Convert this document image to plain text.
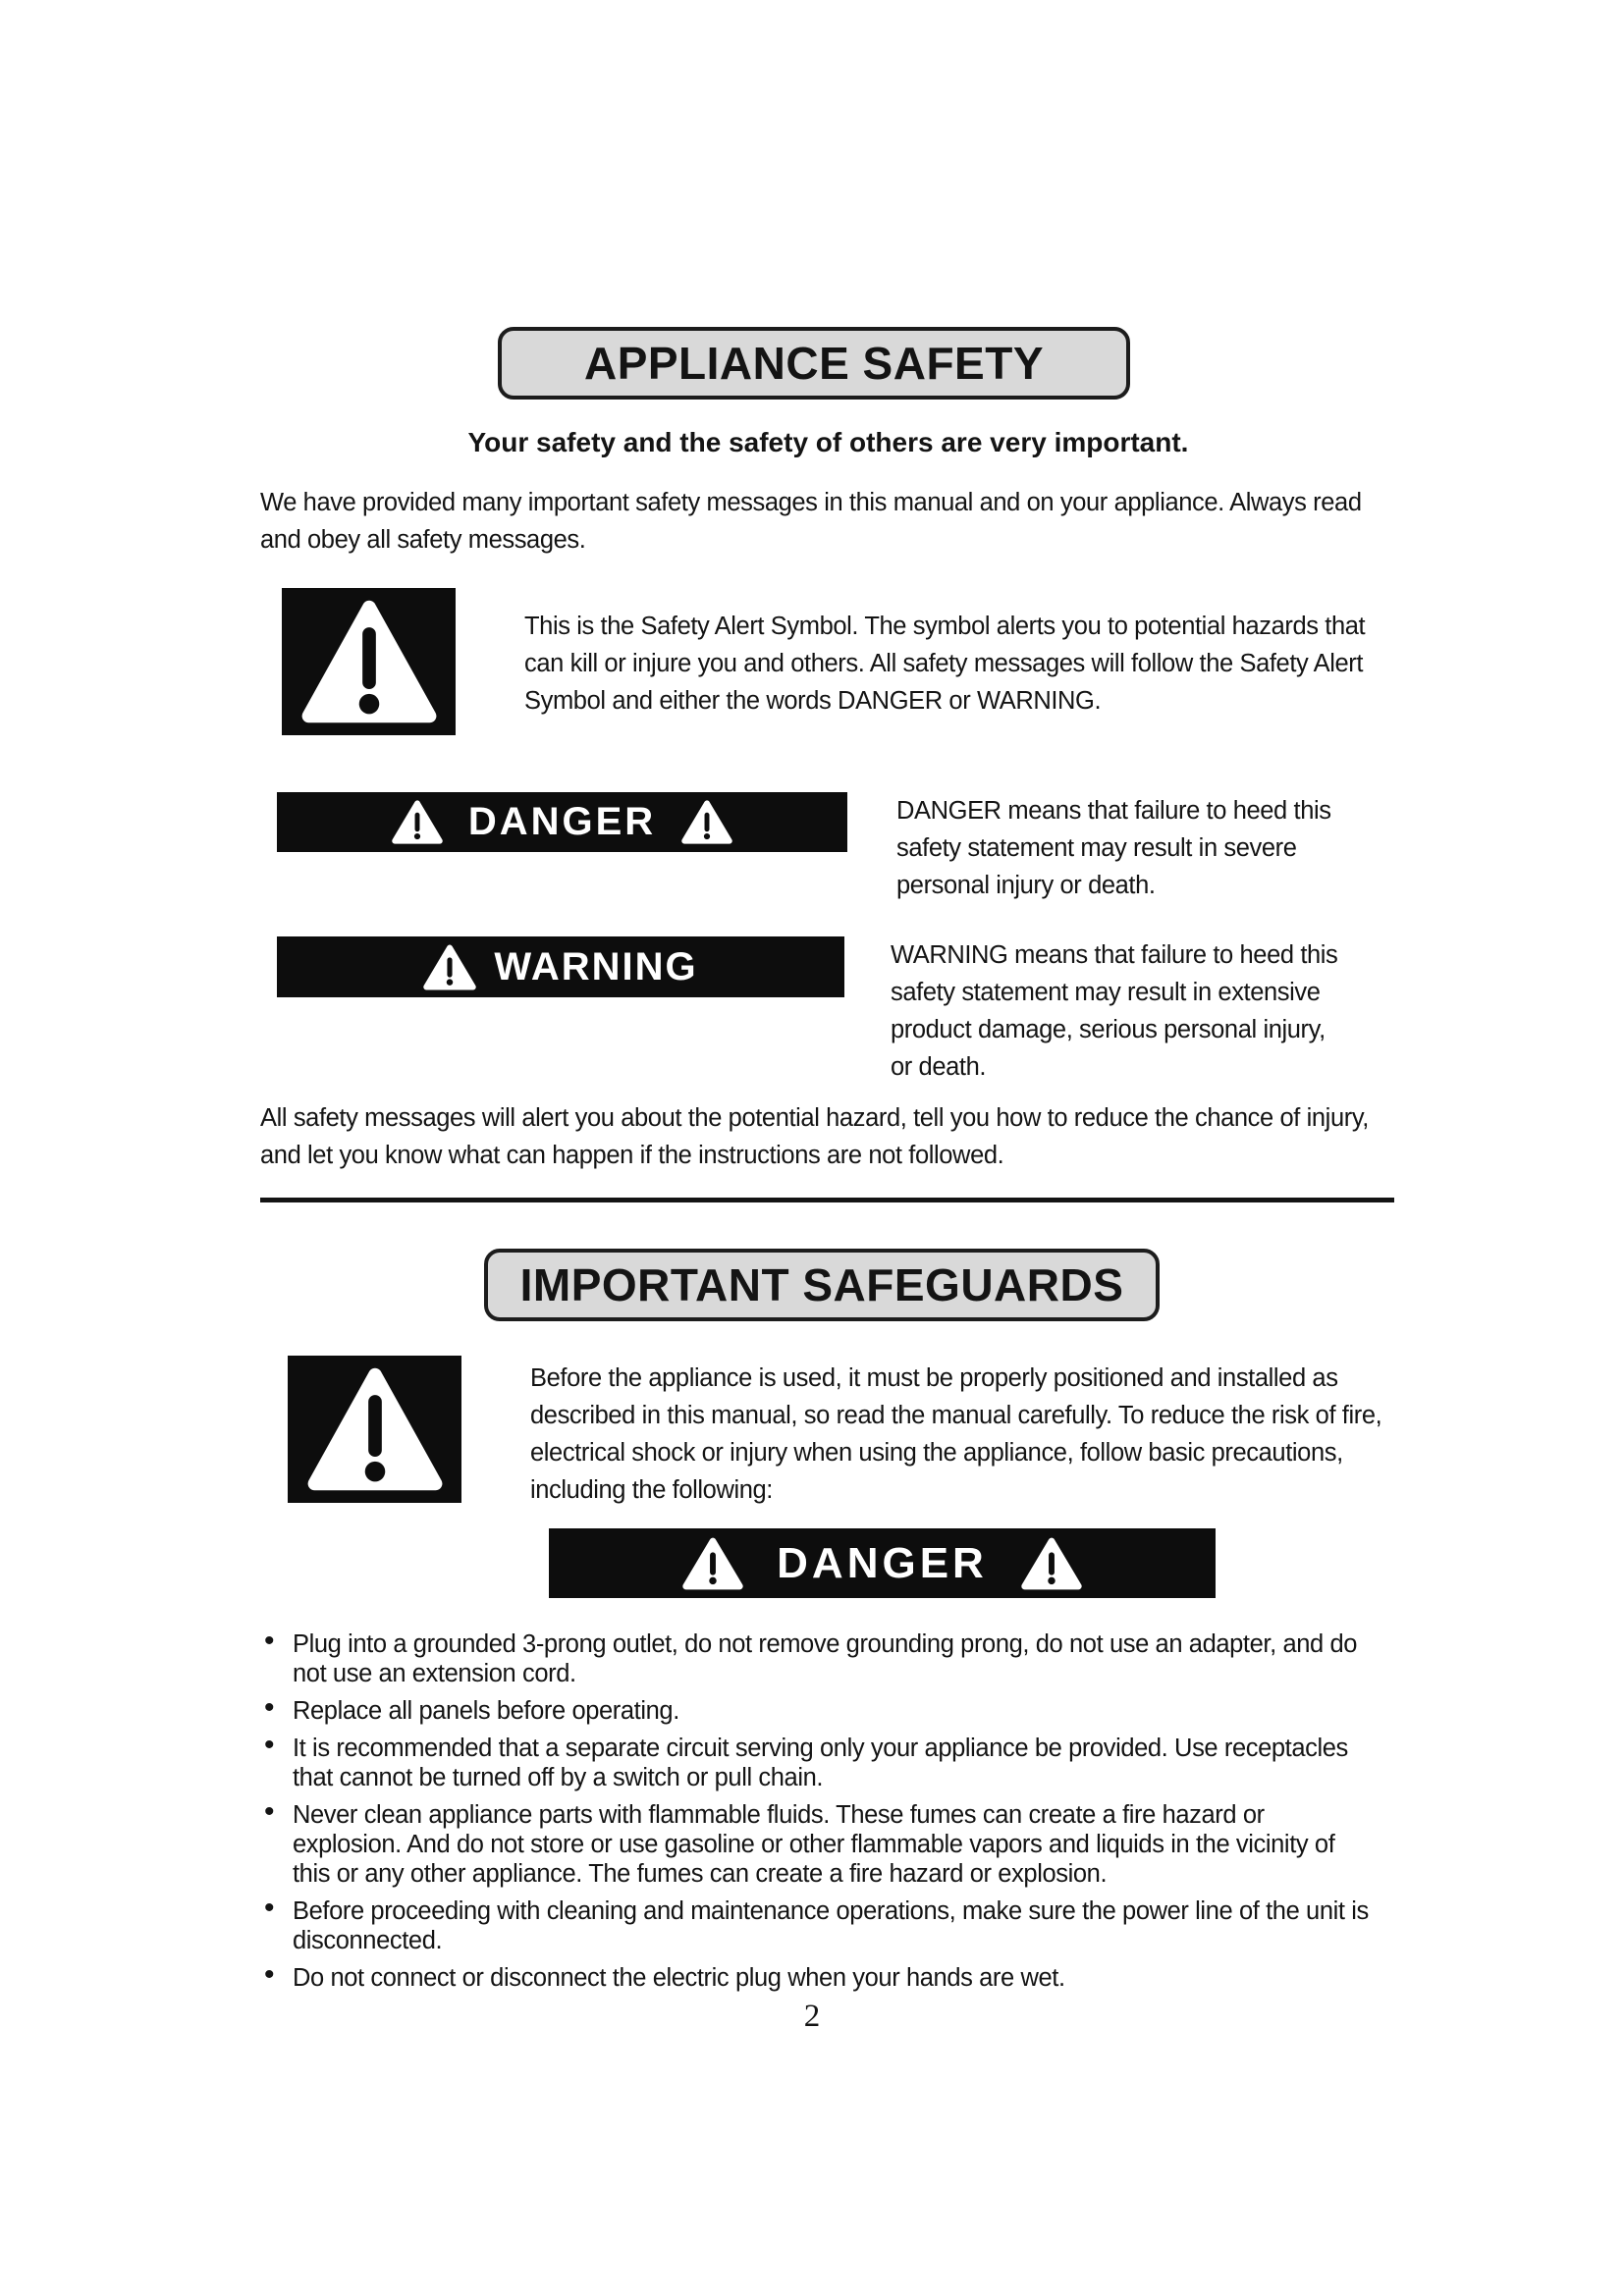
APPLIANCE SAFETY
Your safety and the safety of others are very important.

We have provided many important safety messages in this manual and on your appliance. Always read and obey all safety messages.

This is the Safety Alert Symbol. The symbol alerts you to potential hazards that can kill or injure you and others. All safety messages will follow the Safety Alert Symbol and either the words DANGER or WARNING.

DANGER	DANGER means that failure to heed this safety statement may result in severe personal injury or death.

WARNING	WARNING means that failure to heed this safety statement may result in extensive product damage, serious personal injury, or death.

All safety messages will alert you about the potential hazard, tell you how to reduce the chance of injury, and let you know what can happen if the instructions are not followed.

IMPORTANT SAFEGUARDS

Before the appliance is used, it must be properly positioned and installed as described in this manual, so read the manual carefully. To reduce the risk of fire, electrical shock or injury when using the appliance, follow basic precautions, including the following:

DANGER
• Plug into a grounded 3-prong outlet, do not remove grounding prong, do not use an adapter, and do not use an extension cord.
• Replace all panels before operating.
• It is recommended that a separate circuit serving only your appliance be provided. Use receptacles that cannot be turned off by a switch or pull chain.
• Never clean appliance parts with flammable fluids. These fumes can create a fire hazard or explosion. And do not store or use gasoline or other flammable vapors and liquids in the vicinity of this or any other appliance. The fumes can create a fire hazard or explosion.
• Before proceeding with cleaning and maintenance operations, make sure the power line of the unit is disconnected.
• Do not connect or disconnect the electric plug when your hands are wet.
2
